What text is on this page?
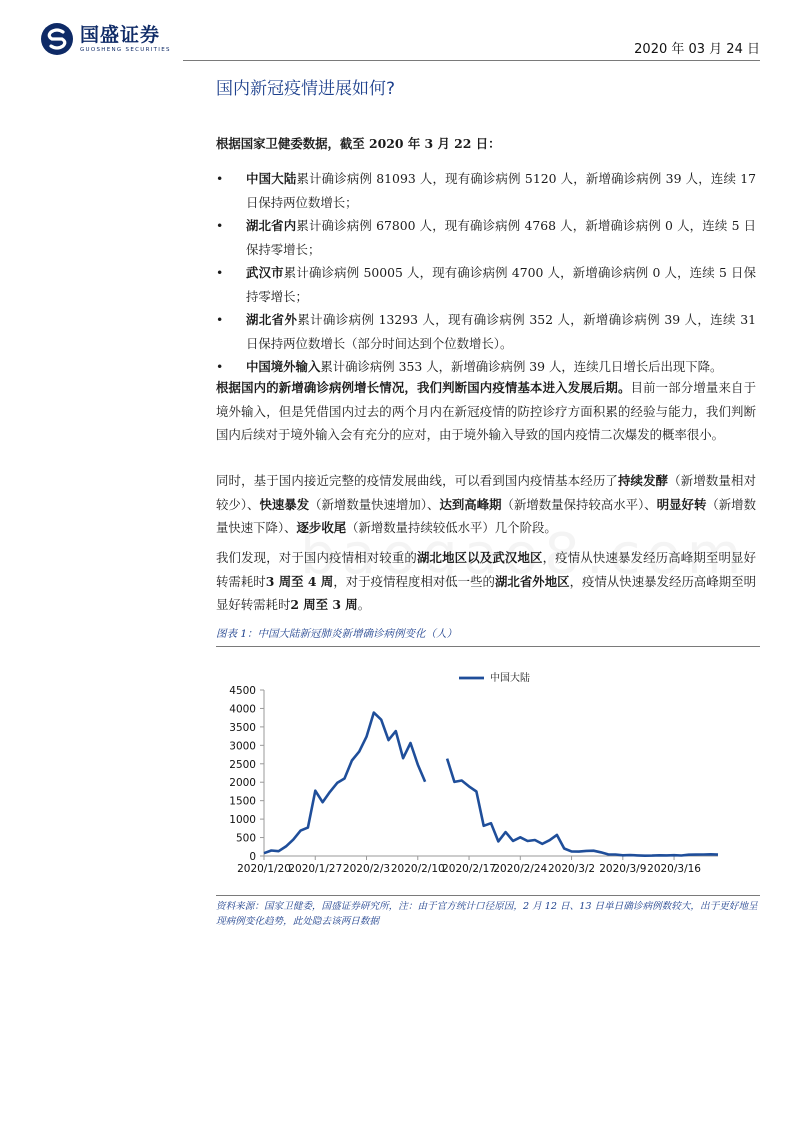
国盛证券
GUOSHENG SECURITIES	2020 年 03 月 24 日
国内新冠疫情进展如何?

根据国家卫健委数据，截至 2020 年 3 月 22 日：

• 中国大陆累计确诊病例 81093 人，现有确诊病例 5120 人，新增确诊病例 39 人，连续 17 日保持两位数增长；
• 湖北省内累计确诊病例 67800 人，现有确诊病例 4768 人，新增确诊病例 0 人，连续 5 日保持零增长；
• 武汉市累计确诊病例 50005 人，现有确诊病例 4700 人，新增确诊病例 0 人，连续 5 日保持零增长；
• 湖北省外累计确诊病例 13293 人，现有确诊病例 352 人，新增确诊病例 39 人，连续 31 日保持两位数增长（部分时间达到个位数增长）。
• 中国境外输入累计确诊病例 353 人，新增确诊病例 39 人，连续几日增长后出现下降。

根据国内的新增确诊病例增长情况，我们判断国内疫情基本进入发展后期。目前一部分增量来自于境外输入，但是凭借国内过去的两个月内在新冠疫情的防控诊疗方面积累的经验与能力，我们判断国内后续对于境外输入会有充分的应对，由于境外输入导致的国内疫情二次爆发的概率很小。

同时，基于国内接近完整的疫情发展曲线，可以看到国内疫情基本经历了持续发酵（新增数量相对较少）、快速暴发（新增数量快速增加）、达到高峰期（新增数量保持较高水平）、明显好转（新增数量快速下降）、逐步收尾（新增数量持续较低水平）几个阶段。

我们发现，对于国内疫情相对较重的湖北地区以及武汉地区，疫情从快速暴发经历高峰期至明显好转需耗时3 周至 4 周，对于疫情程度相对低一些的湖北省外地区，疫情从快速暴发经历高峰期至明显好转需耗时2 周至 3 周。

图表 1：中国大陆新冠肺炎新增确诊病例变化（人）
0
500
1000
1500
2000
2500
3000
3500
4000
4500
2020/1/20
2020/1/27 2020/2/3 2020/2/10
2020/2/17
2020/2/24 2020/3/2 2020/3/9 2020/3/16
中国大陆
资料来源：国家卫健委，国盛证券研究所，注：由于官方统计口径原因，2 月 12 日、13 日单日确诊病例数较大，出于更好地呈现病例变化趋势，此处隐去该两日数据
